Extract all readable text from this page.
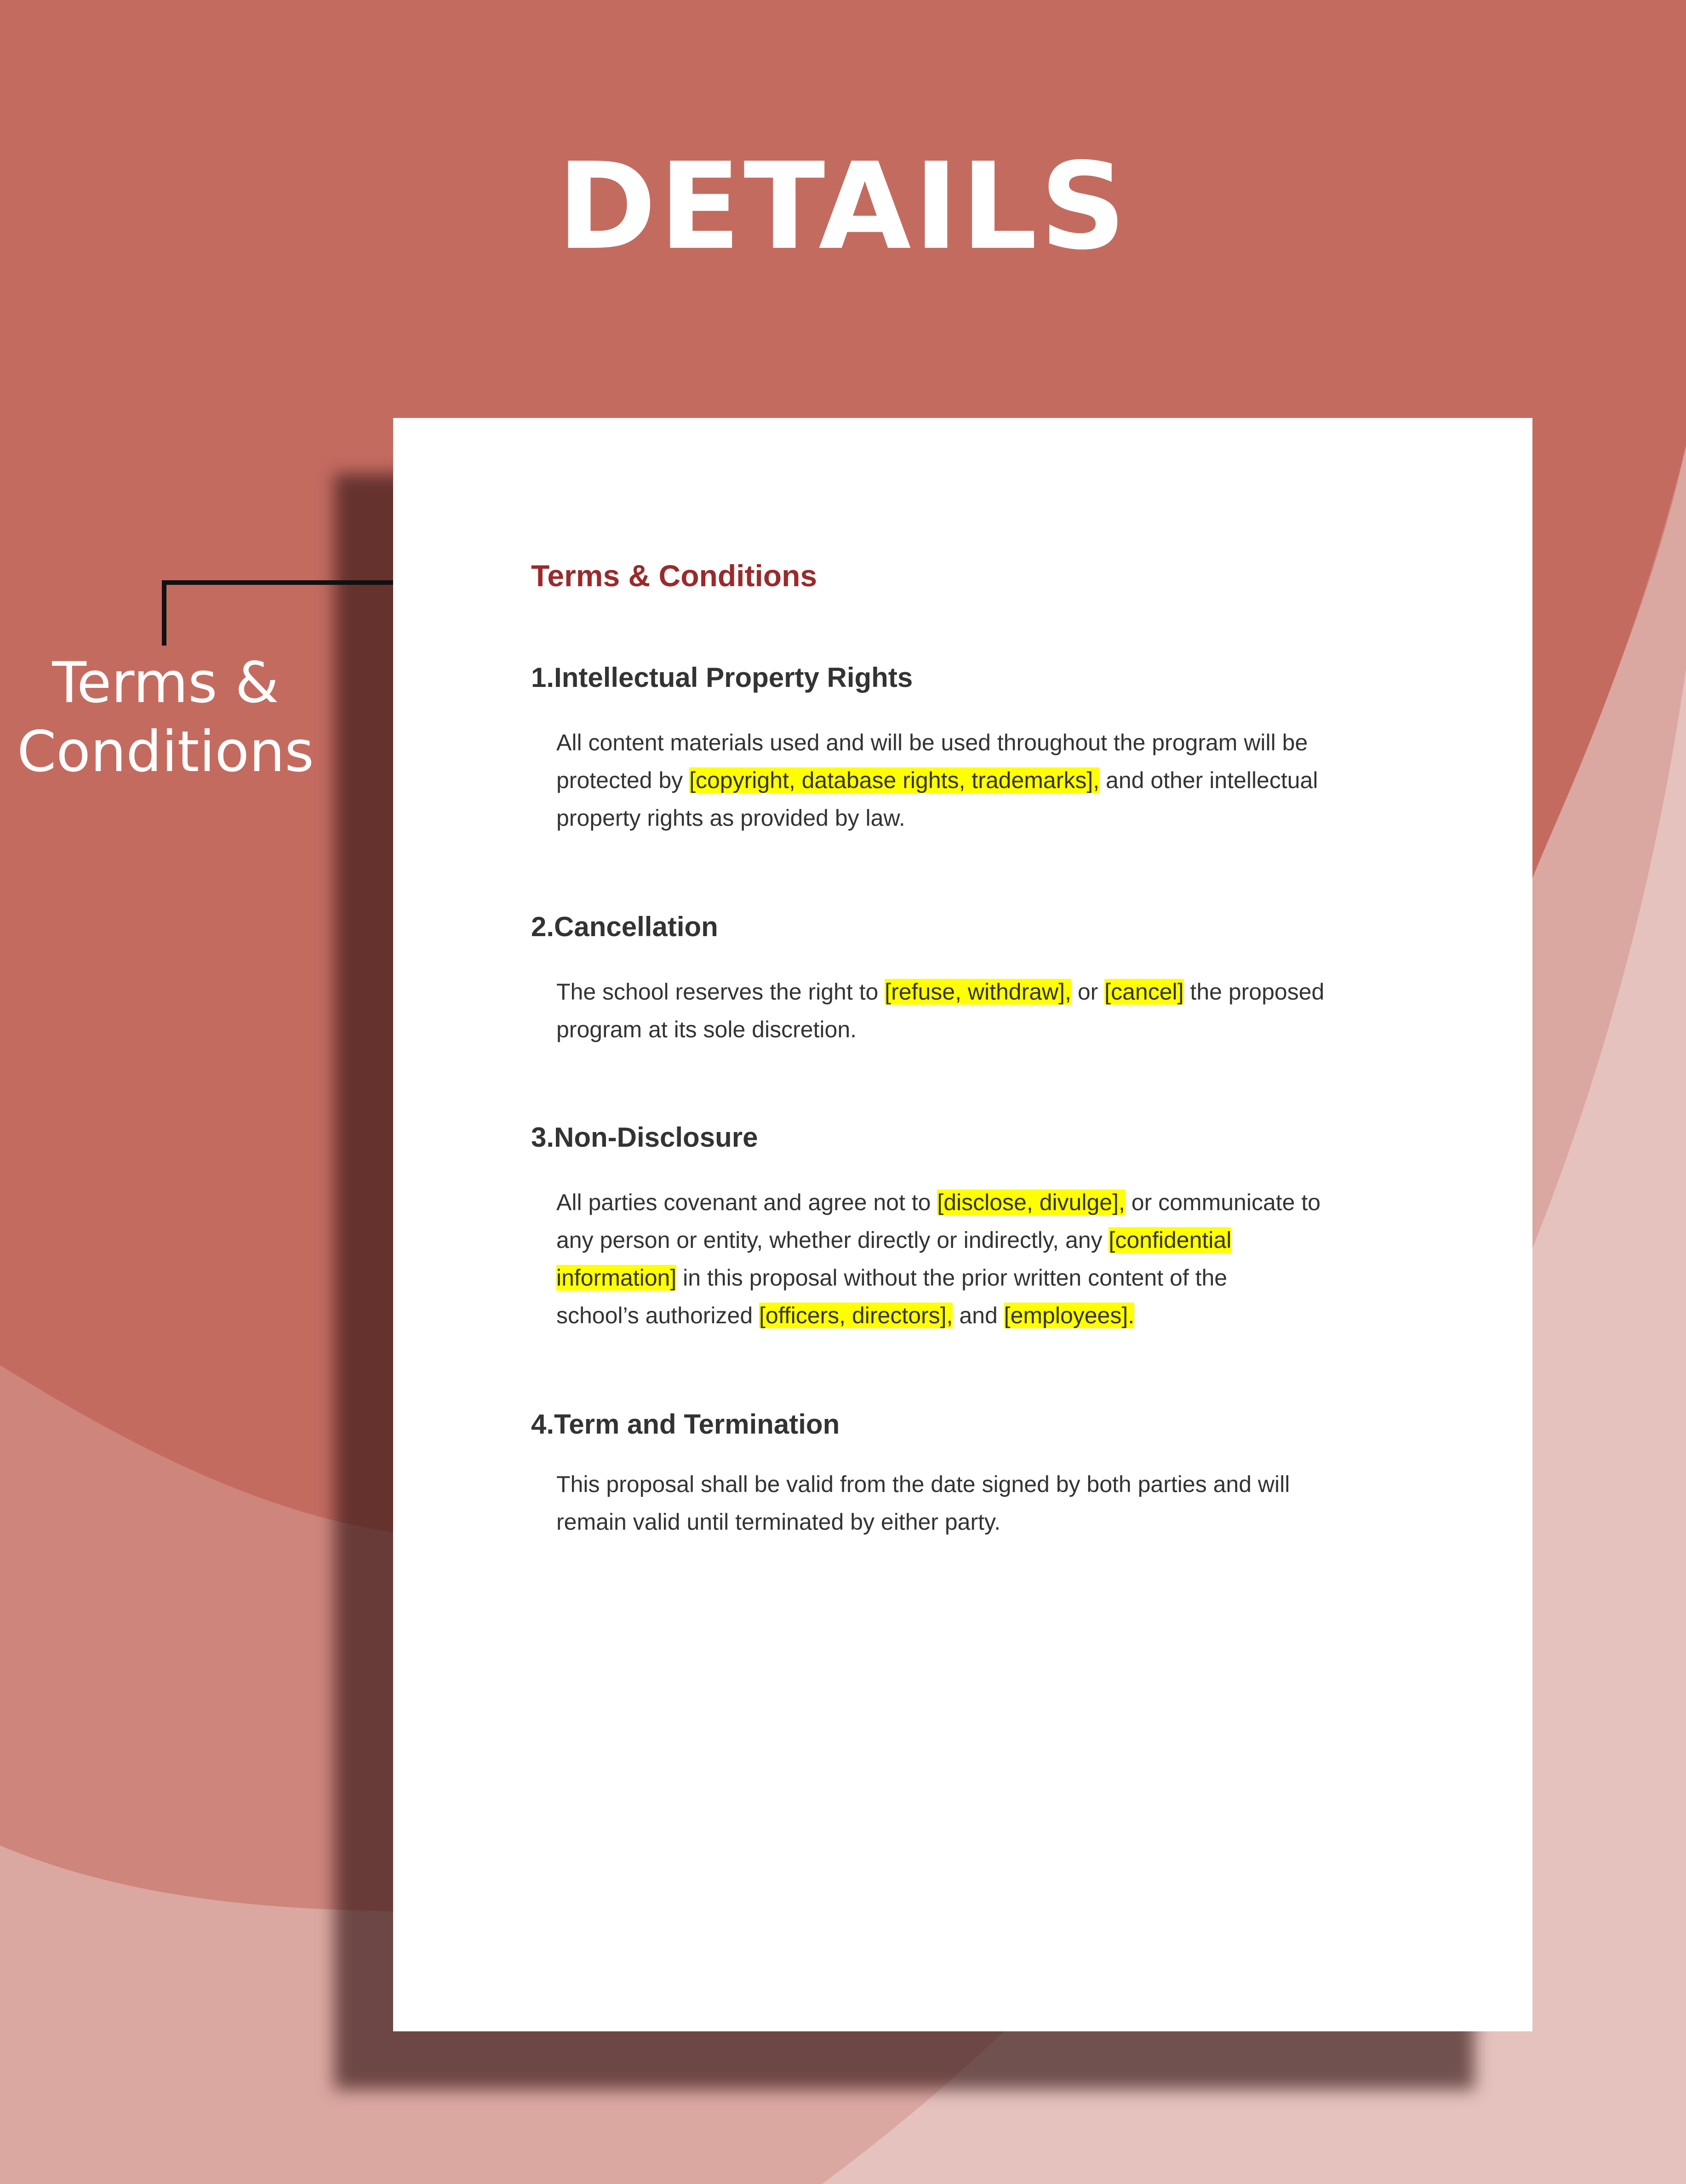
DETAILS
Terms &
Conditions
Terms & Conditions
1.Intellectual Property Rights
All content materials used and will be used throughout the program will be
protected by [copyright, database rights, trademarks], and other intellectual
property rights as provided by law.
2.Cancellation
The school reserves the right to [refuse, withdraw], or [cancel] the proposed
program at its sole discretion.
3.Non-Disclosure
All parties covenant and agree not to [disclose, divulge], or communicate to
any person or entity, whether directly or indirectly, any [confidential
information] in this proposal without the prior written content of the
school’s authorized [officers, directors], and [employees].
4.Term and Termination
This proposal shall be valid from the date signed by both parties and will
remain valid until terminated by either party.
